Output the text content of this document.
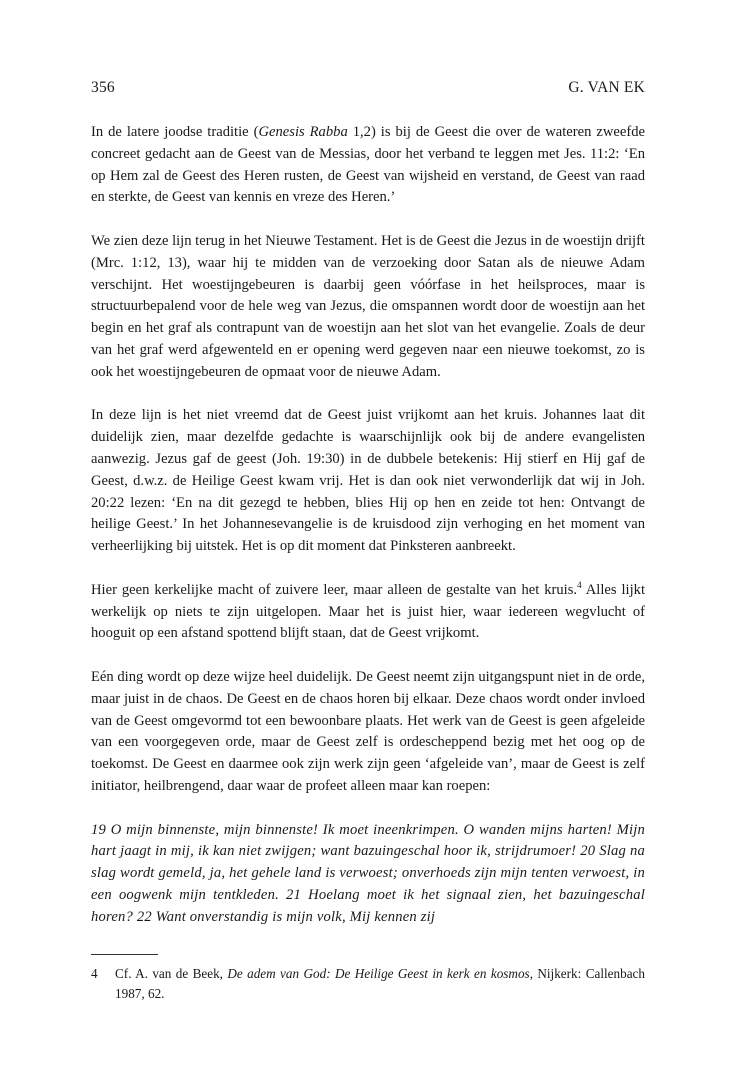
356	G. VAN EK

In de latere joodse traditie (Genesis Rabba 1,2) is bij de Geest die over de wateren zweefde concreet gedacht aan de Geest van de Messias, door het verband te leggen met Jes. 11:2: ‘En op Hem zal de Geest des Heren rusten, de Geest van wijsheid en verstand, de Geest van raad en sterkte, de Geest van kennis en vreze des Heren.’

We zien deze lijn terug in het Nieuwe Testament. Het is de Geest die Jezus in de woestijn drijft (Mrc. 1:12, 13), waar hij te midden van de verzoeking door Satan als de nieuwe Adam verschijnt. Het woestijngebeuren is daarbij geen vóórfase in het heilsproces, maar is structuurbepalend voor de hele weg van Jezus, die omspannen wordt door de woestijn aan het begin en het graf als contrapunt van de woestijn aan het slot van het evangelie. Zoals de deur van het graf werd afgewenteld en er opening werd gegeven naar een nieuwe toekomst, zo is ook het woestijngebeuren de opmaat voor de nieuwe Adam.

In deze lijn is het niet vreemd dat de Geest juist vrijkomt aan het kruis. Johannes laat dit duidelijk zien, maar dezelfde gedachte is waarschijnlijk ook bij de andere evangelisten aanwezig. Jezus gaf de geest (Joh. 19:30) in de dubbele betekenis: Hij stierf en Hij gaf de Geest, d.w.z. de Heilige Geest kwam vrij. Het is dan ook niet verwonderlijk dat wij in Joh. 20:22 lezen: ‘En na dit gezegd te hebben, blies Hij op hen en zeide tot hen: Ontvangt de heilige Geest.’ In het Johannesevangelie is de kruisdood zijn verhoging en het moment van verheerlijking bij uitstek. Het is op dit moment dat Pinksteren aanbreekt.

Hier geen kerkelijke macht of zuivere leer, maar alleen de gestalte van het kruis.$^4$ Alles lijkt werkelijk op niets te zijn uitgelopen. Maar het is juist hier, waar iedereen wegvlucht of hooguit op een afstand spottend blijft staan, dat de Geest vrijkomt.

Eén ding wordt op deze wijze heel duidelijk. De Geest neemt zijn uitgangspunt niet in de orde, maar juist in de chaos. De Geest en de chaos horen bij elkaar. Deze chaos wordt onder invloed van de Geest omgevormd tot een bewoonbare plaats. Het werk van de Geest is geen afgeleide van een voorgegeven orde, maar de Geest zelf is ordescheppend bezig met het oog op de toekomst. De Geest en daarmee ook zijn werk zijn geen ‘afgeleide van’, maar de Geest is zelf initiator, heilbrengend, daar waar de profeet alleen maar kan roepen:

19 O mijn binnenste, mijn binnenste! Ik moet ineenkrimpen. O wanden mijns harten! Mijn hart jaagt in mij, ik kan niet zwijgen; want bazuingeschal hoor ik, strijdrumoer! 20 Slag na slag wordt gemeld, ja, het gehele land is verwoest; onverhoeds zijn mijn tenten verwoest, in een oogwenk mijn tentkleden. 21 Hoelang moet ik het signaal zien, het bazuingeschal horen? 22 Want onverstandig is mijn volk, Mij kennen zij

4	Cf. A. van de Beek, De adem van God: De Heilige Geest in kerk en kosmos, Nijkerk: Callenbach 1987, 62.
